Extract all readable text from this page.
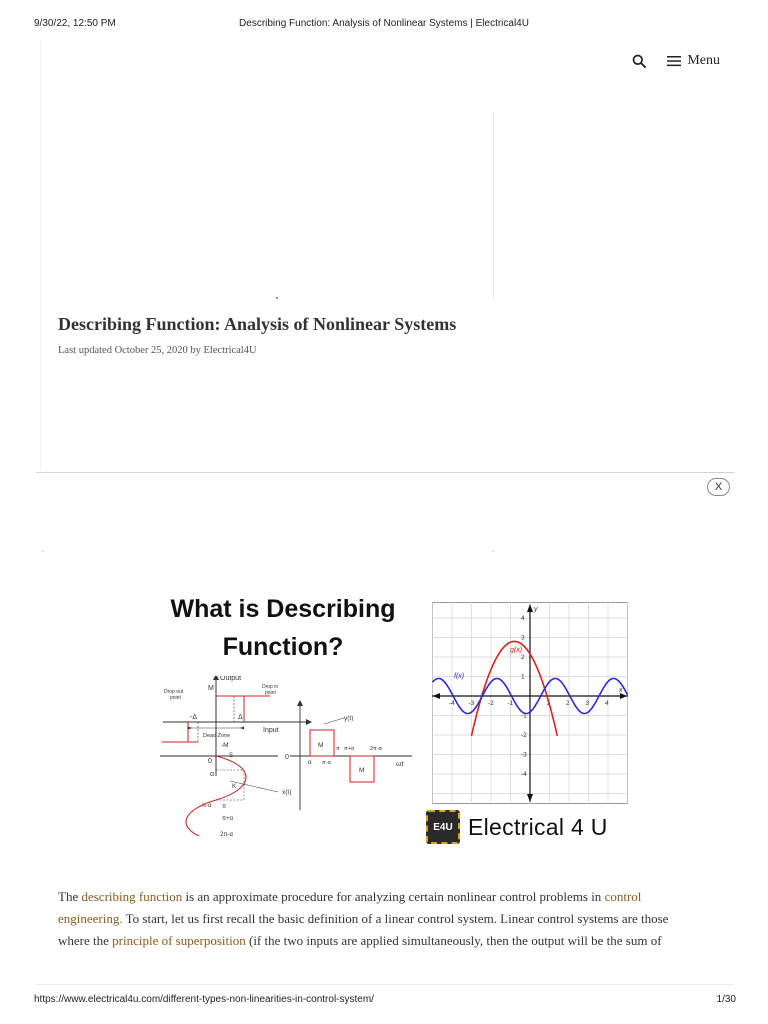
9/30/22, 12:50 PM	Describing Function: Analysis of Nonlinear Systems | Electrical4U
Menu
Describing Function: Analysis of Nonlinear Systems
Last updated October 25, 2020 by Electrical4U
X
What is Describing Function?
Output
M
Drop out
point
-Δ	Δ
Drop in
point
Input
Dead Zone
-M
S
0
α
K
π-α π
π+α
2π-α
x(t)
0
y(t)
M
M
α π-α
π π+α	2π-α
ωt
-4 -3 -2 -1	1 2 3 4
4
3
2
1
-1
-2
-3
-4
y
x
g(x)
f(x)
E4U Electrical 4 U

The describing function is an approximate procedure for analyzing certain nonlinear control problems in control engineering. To start, let us first recall the basic definition of a linear control system. Linear control systems are those where the principle of superposition (if the two inputs are applied simultaneously, then the output will be the sum of

https://www.electrical4u.com/different-types-non-linearities-in-control-system/	1/30
